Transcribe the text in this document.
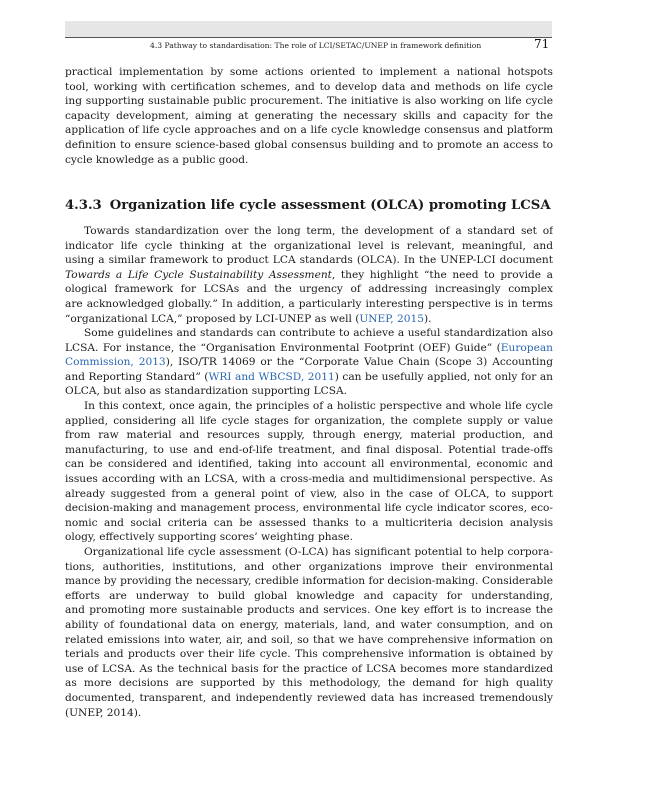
4.3 Pathway to standardisation: The role of LCI/SETAC/UNEP in framework definition	71
practical implementation by some actions oriented to implement a national hotspots
tool, working with certification schemes, and to develop data and methods on life cycle
ing supporting sustainable public procurement. The initiative is also working on life cycle
capacity development, aiming at generating the necessary skills and capacity for the
application of life cycle approaches and on a life cycle knowledge consensus and platform
definition to ensure science-based global consensus building and to promote an access to
cycle knowledge as a public good.
4.3.3 Organization life cycle assessment (OLCA) promoting LCSA
Towards standardization over the long term, the development of a standard set of
indicator life cycle thinking at the organizational level is relevant, meaningful, and
using a similar framework to product LCA standards (OLCA). In the UNEP-LCI document
Towards a Life Cycle Sustainability Assessment, they highlight “the need to provide a
ological framework for LCSAs and the urgency of addressing increasingly complex
are acknowledged globally.” In addition, a particularly interesting perspective is in terms
“organizational LCA,” proposed by LCI-UNEP as well (UNEP, 2015).
Some guidelines and standards can contribute to achieve a useful standardization also
LCSA. For instance, the “Organisation Environmental Footprint (OEF) Guide” (European
Commission, 2013), ISO/TR 14069 or the “Corporate Value Chain (Scope 3) Accounting
and Reporting Standard” (WRI and WBCSD, 2011) can be usefully applied, not only for an
OLCA, but also as standardization supporting LCSA.
In this context, once again, the principles of a holistic perspective and whole life cycle
applied, considering all life cycle stages for organization, the complete supply or value
from raw material and resources supply, through energy, material production, and
manufacturing, to use and end-of-life treatment, and final disposal. Potential trade-offs
can be considered and identified, taking into account all environmental, economic and
issues according with an LCSA, with a cross-media and multidimensional perspective. As
already suggested from a general point of view, also in the case of OLCA, to support
decision-making and management process, environmental life cycle indicator scores, eco-
nomic and social criteria can be assessed thanks to a multicriteria decision analysis
ology, effectively supporting scores’ weighting phase.
Organizational life cycle assessment (O-LCA) has significant potential to help corpora-
tions, authorities, institutions, and other organizations improve their environmental
mance by providing the necessary, credible information for decision-making. Considerable
efforts are underway to build global knowledge and capacity for understanding,
and promoting more sustainable products and services. One key effort is to increase the
ability of foundational data on energy, materials, land, and water consumption, and on
related emissions into water, air, and soil, so that we have comprehensive information on
terials and products over their life cycle. This comprehensive information is obtained by
use of LCSA. As the technical basis for the practice of LCSA becomes more standardized
as more decisions are supported by this methodology, the demand for high quality
documented, transparent, and independently reviewed data has increased tremendously
(UNEP, 2014).
